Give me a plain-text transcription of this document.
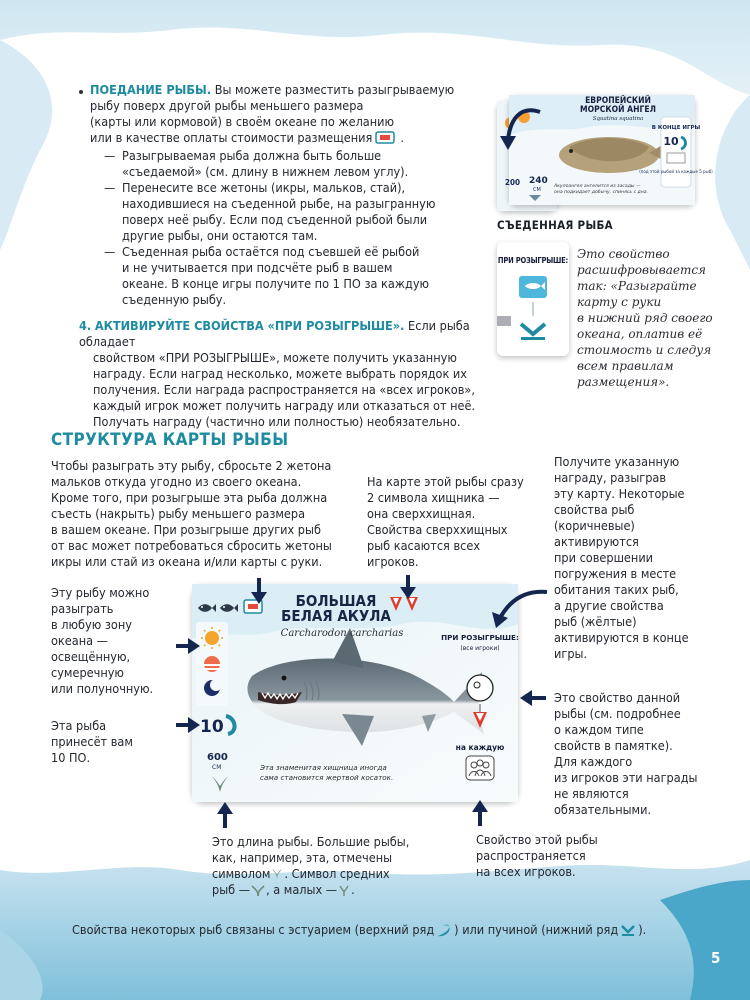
ПОЕДАНИЕ РЫБЫ. Вы можете разместить разыгрываемую
рыбу поверх другой рыбы меньшего размера
(карты или кормовой) в своём океане по желанию
или в качестве оплаты стоимости размещения .
— Разыгрываемая рыба должна быть больше
«съедаемой» (см. длину в нижнем левом углу).
— Перенесите все жетоны (икры, мальков, стай),
находившиеся на съеденной рыбе, на разыгранную
поверх неё рыбу. Если под съеденной рыбой были
другие рыбы, они остаются там.
— Съеденная рыба остаётся под съевшей её рыбой
и не учитывается при подсчёте рыб в вашем
океане. В конце игры получите по 1 ПО за каждую
съеденную рыбу.
4. АКТИВИРУЙТЕ СВОЙСТВА «ПРИ РОЗЫГРЫШЕ». Если рыба обладает
свойством «ПРИ РОЗЫГРЫШЕ», можете получить указанную
награду. Если наград несколько, можете выбрать порядок их
получения. Если награда распространяется на «всех игроков»,
каждый игрок может получить награду или отказаться от неё.
Получать награду (частично или полностью) необязательно.
В КОНЦЕ ИГРЫ
10
(под этой рыбой за каждые 5 рыб)
240
СМ
Акулоангел ангелится из засады —
она подкидает добычу, спинясь с дна.
ЕВРОПЕЙСКИЙ
МОРСКОЙ АНГЕЛ
Squatina squatina
200
СЪЕДЕННАЯ РЫБА
ПРИ РОЗЫГРЫШЕ: Это свойство
расшифровывается
так: «Разыграйте
карту с руки
в нижний ряд своего
океана, оплатив её
стоимость и следуя
всем правилам
размещения».
СТРУКТУРА КАРТЫ РЫБЫ
Чтобы разыграть эту рыбу, сбросьте 2 жетона
мальков откуда угодно из своего океана.
Кроме того, при розыгрыше эта рыба должна
съесть (накрыть) рыбу меньшего размера
в вашем океане. При розыгрыше других рыб
от вас может потребоваться сбросить жетоны
икры или стай из океана и/или карты с руки.
На карте этой рыбы сразу
2 символа хищника —
она сверххищная.
Свойства сверххищных
рыб касаются всех
игроков.
Получите указанную
награду, разыграв
эту карту. Некоторые
свойства рыб
(коричневые)
активируются
при совершении
погружения в месте
обитания таких рыб,
а другие свойства
рыб (жёлтые)
активируются в конце
игры.
Эту рыбу можно
разыграть
в любую зону
океана —
освещённую,
сумеречную
или полуночную.
Эта рыба
принесёт вам
10 ПО.
Это свойство данной
рыбы (см. подробнее
о каждом типе
свойств в памятке).
Для каждого
из игроков эти награды
не являются
обязательными.
Это длина рыбы. Большие рыбы,
как, например, эта, отмечены
символом . Символ средних
рыб — , а малых — .
Свойство этой рыбы
распространяется
на всех игроков.
10
600
СМ	Эта знаменитая хищница иногда
сама становится жертвой косаток.
ПРИ РОЗЫГРЫШЕ:
(все игроки)
на каждую
БОЛЬШАЯ
БЕЛАЯ АКУЛА
Carcharodon carcharias
Свойства некоторых рыб связаны с эстуарием (верхний ряд ) или пучиной (нижний ряд ).
5
